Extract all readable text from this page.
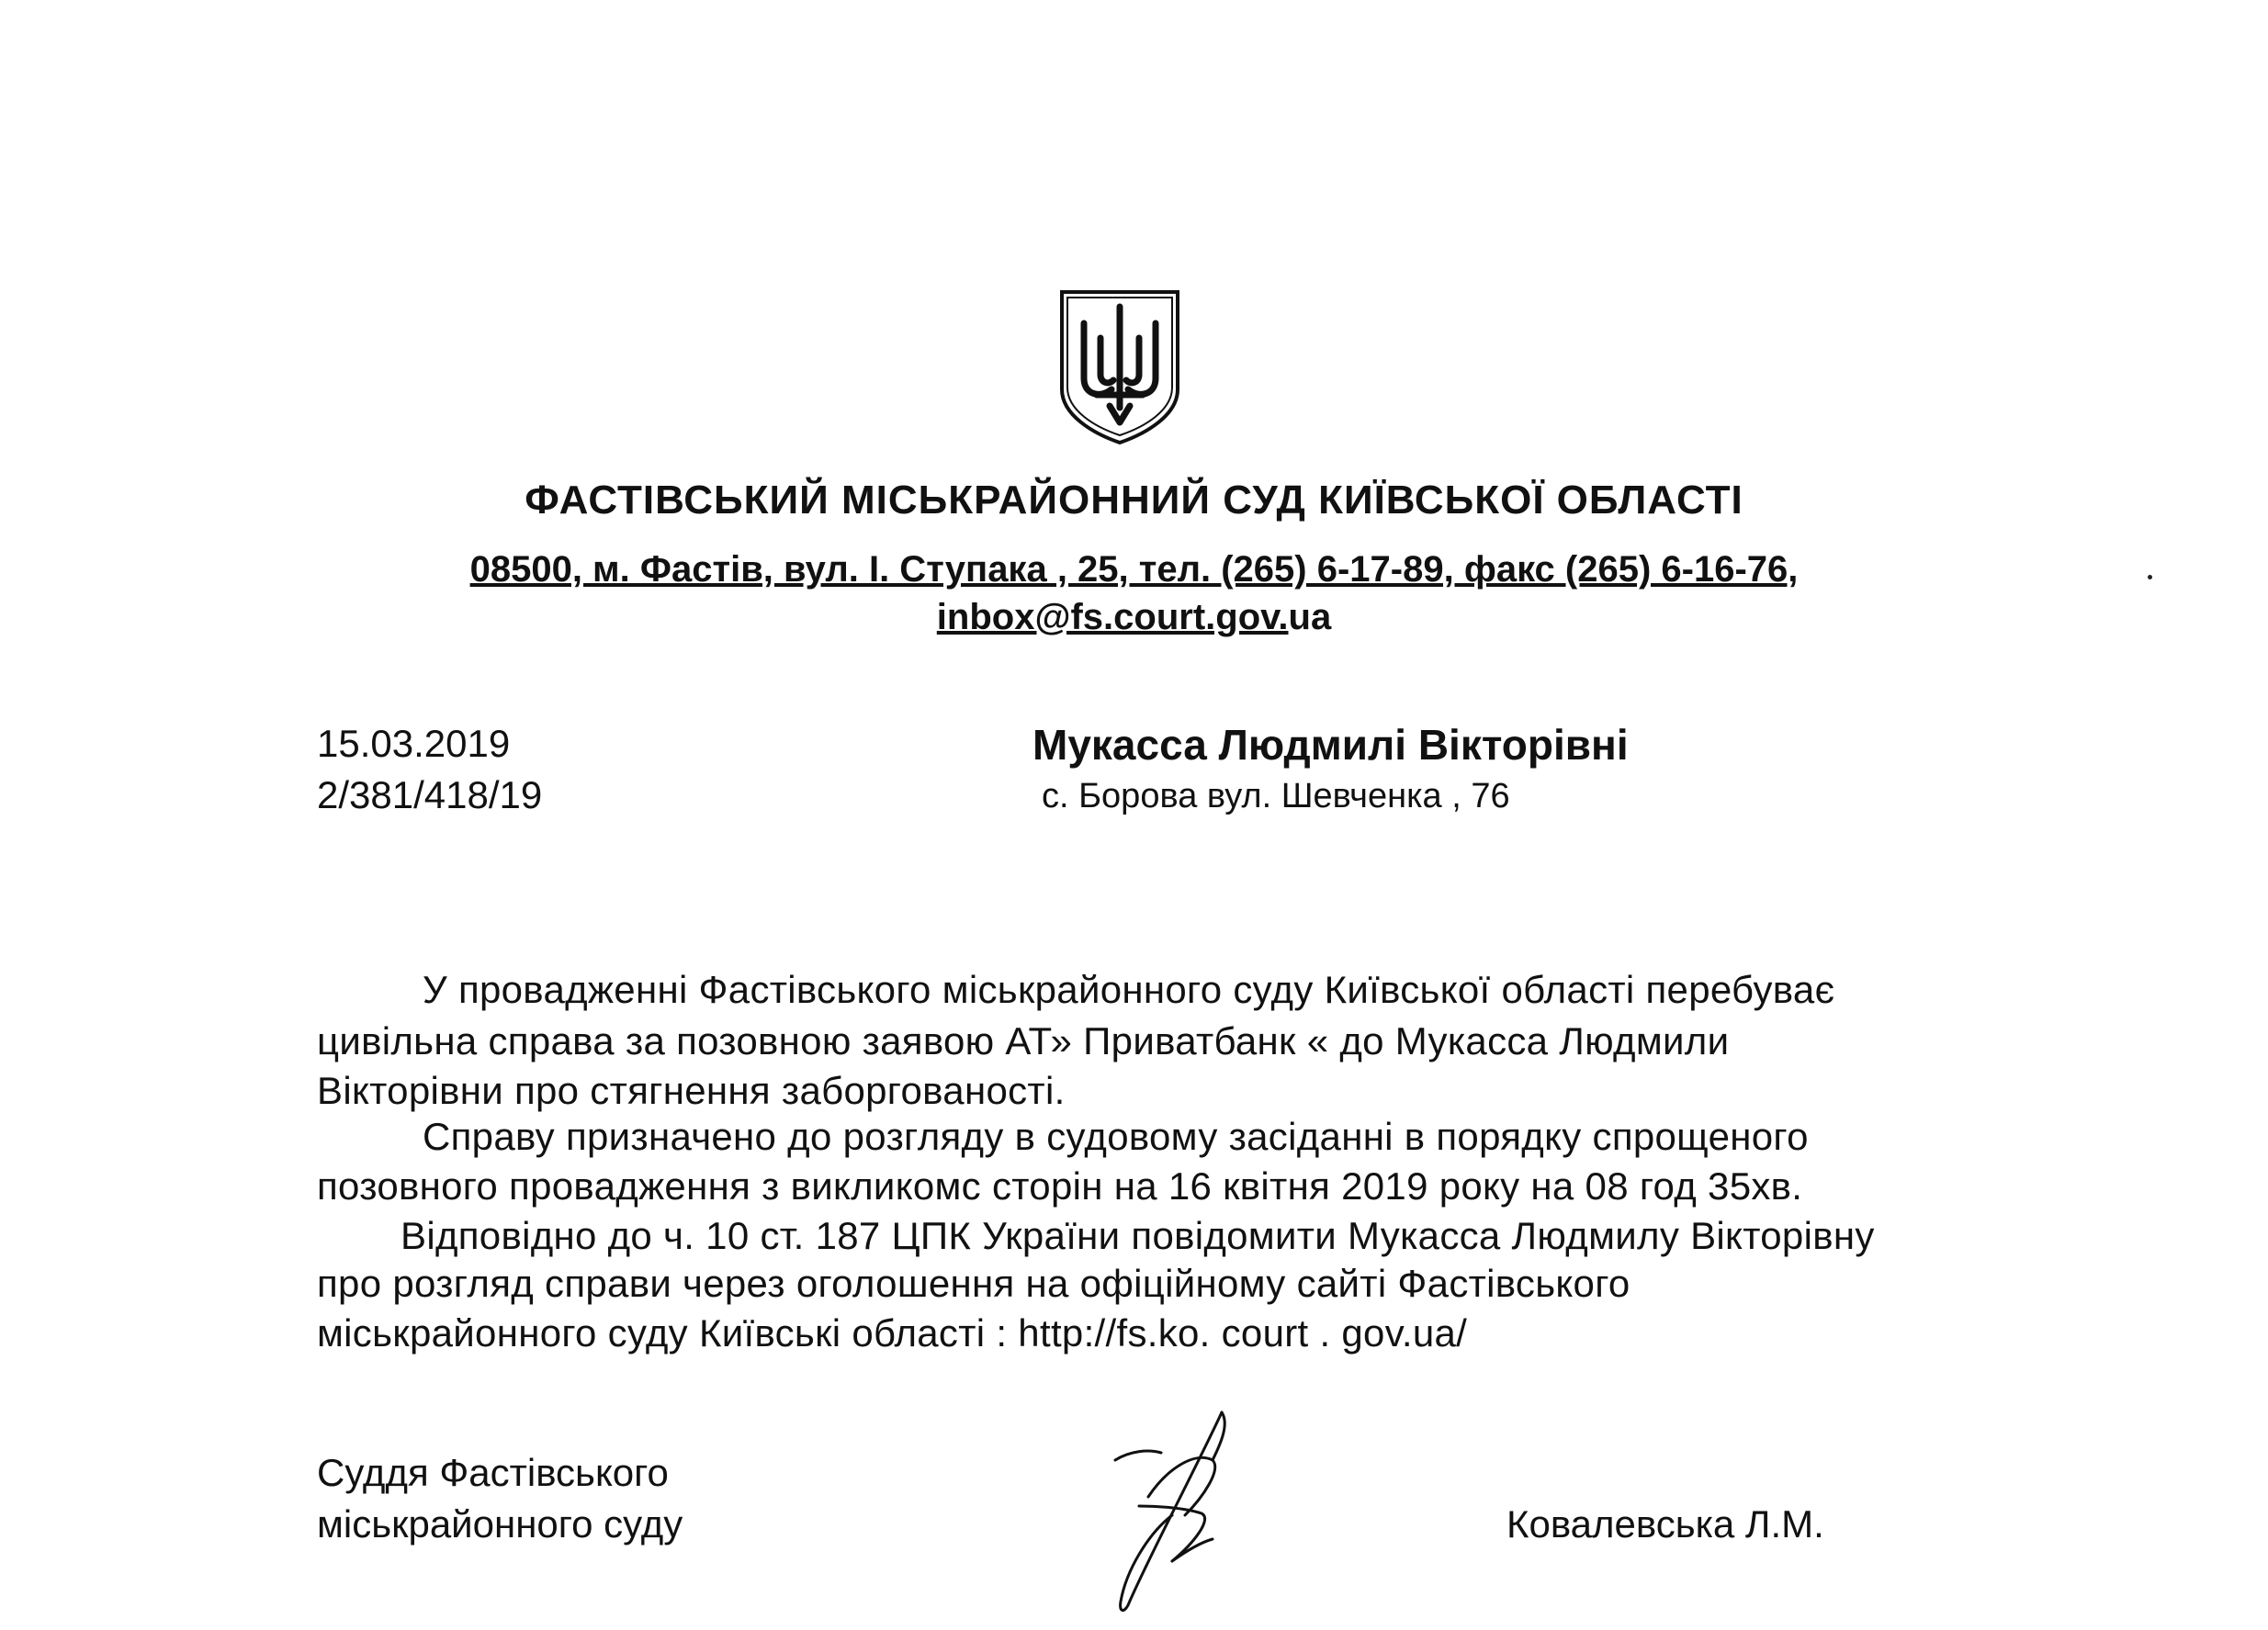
ФАСТІВСЬКИЙ МІСЬКРАЙОННИЙ СУД КИЇВСЬКОЇ ОБЛАСТІ
08500, м. Фастів, вул. І. Ступака , 25, тел. (265) 6-17-89, факс (265) 6-16-76,
inbox@fs.court.gov.ua
15.03.2019
2/381/418/19
Мукасса Людмилі Вікторівні
с. Борова вул. Шевченка , 76
У провадженні Фастівського міськрайонного суду Київської області перебуває
цивільна справа за позовною заявою АТ» Приватбанк « до Мукасса Людмили
Вікторівни про стягнення заборгованості.
Справу призначено до розгляду в судовому засіданні в порядку спрощеного
позовного провадження з викликомс сторін на 16 квітня 2019 року на 08 год 35хв.
Відповідно до ч. 10 ст. 187 ЦПК України повідомити Мукасса Людмилу Вікторівну
про розгляд справи через оголошення на офіційному сайті Фастівського
міськрайонного суду Київські області : http://fs.ko. court . gov.ua/
Суддя Фастівського
міськрайонного суду	Ковалевська Л.М.
